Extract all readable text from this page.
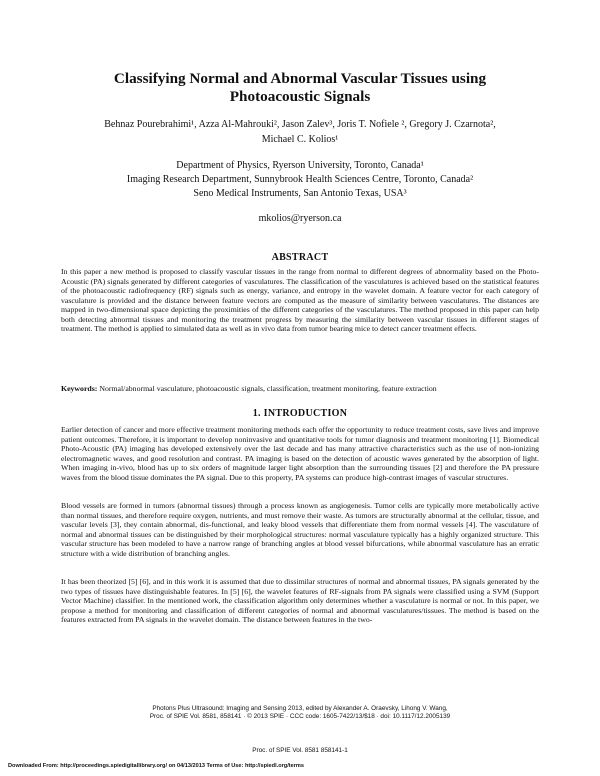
Classifying Normal and Abnormal Vascular Tissues using
Photoacoustic Signals
Behnaz Pourebrahimi¹, Azza Al-Mahrouki², Jason Zalev³, Joris T. Nofiele ², Gregory J. Czarnota²,
Michael C. Kolios¹
Department of Physics, Ryerson University, Toronto, Canada¹
Imaging Research Department, Sunnybrook Health Sciences Centre, Toronto, Canada²
Seno Medical Instruments, San Antonio Texas, USA³
mkolios@ryerson.ca
ABSTRACT

In this paper a new method is proposed to classify vascular tissues in the range from normal to different degrees of abnormality based on the Photo-Acoustic (PA) signals generated by different categories of vasculatures. The classification of the vasculatures is achieved based on the statistical features of the photoacoustic radiofrequency (RF) signals such as energy, variance, and entropy in the wavelet domain. A feature vector for each category of vasculature is provided and the distance between feature vectors are computed as the measure of similarity between vasculatures. The distances are mapped in two-dimensional space depicting the proximities of the different categories of the vasculatures. The method proposed in this paper can help both detecting abnormal tissues and monitoring the treatment progress by measuring the similarity between vascular tissues in different stages of treatment. The method is applied to simulated data as well as in vivo data from tumor bearing mice to detect cancer treatment effects.

Keywords: Normal/abnormal vasculature, photoacoustic signals, classification, treatment monitoring, feature extraction
1. INTRODUCTION

Earlier detection of cancer and more effective treatment monitoring methods each offer the opportunity to reduce treatment costs, save lives and improve patient outcomes. Therefore, it is important to develop noninvasive and quantitative tools for tumor diagnosis and treatment monitoring [1]. Biomedical Photo-Acoustic (PA) imaging has developed extensively over the last decade and has many attractive characteristics such as the use of non-ionizing electromagnetic waves, and good resolution and contrast. PA imaging is based on the detection of acoustic waves generated by the absorption of light. When imaging in-vivo, blood has up to six orders of magnitude larger light absorption than the surrounding tissues [2] and therefore the PA pressure waves from the blood tissue dominates the PA signal. Due to this property, PA systems can produce high-contrast images of vascular structures.

Blood vessels are formed in tumors (abnormal tissues) through a process known as angiogenesis. Tumor cells are typically more metabolically active than normal tissues, and therefore require oxygen, nutrients, and must remove their waste. As tumors are structurally abnormal at the cellular, tissue, and vascular levels [3], they contain abnormal, dis-functional, and leaky blood vessels that differentiate them from normal vessels [4]. The vasculature of normal and abnormal tissues can be distinguished by their morphological structures: normal vasculature typically has a highly organized structure. This vascular structure has been modeled to have a narrow range of branching angles at blood vessel bifurcations, while abnormal vasculature has an erratic structure with a wide distribution of branching angles.

It has been theorized [5] [6], and in this work it is assumed that due to dissimilar structures of normal and abnormal tissues, PA signals generated by the two types of tissues have distinguishable features. In [5] [6], the wavelet features of RF-signals from PA signals were classified using a SVM (Support Vector Machine) classifier. In the mentioned work, the classification algorithm only determines whether a vasculature is normal or not. In this paper, we propose a method for monitoring and classification of different categories of normal and abnormal vasculatures/tissues. The method is based on the features extracted from PA signals in the wavelet domain. The distance between features in the two-

Photons Plus Ultrasound: Imaging and Sensing 2013, edited by Alexander A. Oraevsky, Lihong V. Wang,
Proc. of SPIE Vol. 8581, 858141 · © 2013 SPIE · CCC code: 1605-7422/13/$18 · doi: 10.1117/12.2005139
Proc. of SPIE Vol. 8581 858141-1
Downloaded From: http://proceedings.spiedigitallibrary.org/ on 04/13/2013 Terms of Use: http://spiedl.org/terms
